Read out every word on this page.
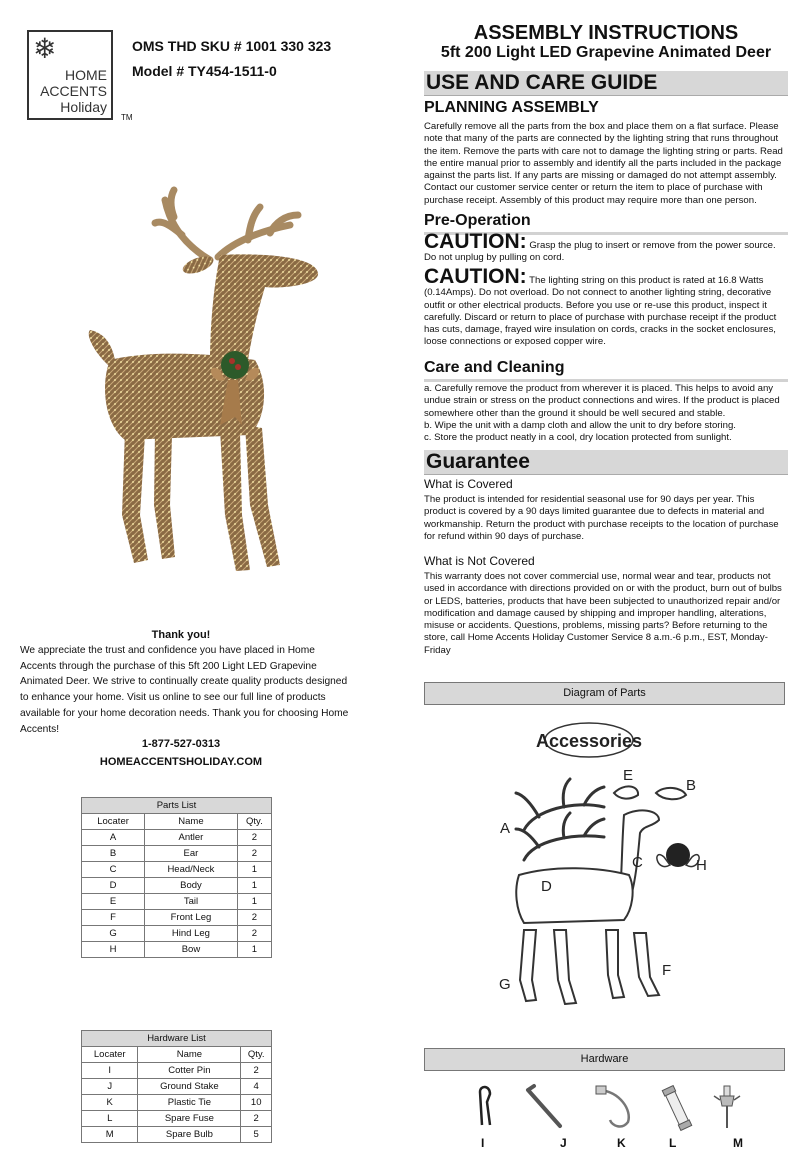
❄
HOME
ACCENTS
Holiday
TM
OMS THD SKU # 1001 330 323
Model # TY454-1511-0
ASSEMBLY INSTRUCTIONS
5ft 200 Light LED Grapevine Animated Deer
USE AND CARE GUIDE
PLANNING ASSEMBLY
Carefully remove all the parts from the box and place them on a flat surface. Please note that many of the parts are connected by the lighting string that runs throughout the item. Remove the parts with care not to damage the lighting string or parts. Read the entire manual prior to assembly and identify all the parts included in the package against the parts list. If any parts are missing or damaged do not attempt assembly. Contact our customer service center or return the item to place of purchase with purchase receipt. Assembly of this product may require more than one person.
Pre-Operation
CAUTION: Grasp the plug to insert or remove from the power source. Do not unplug by pulling on cord.
CAUTION: The lighting string on this product is rated at 16.8 Watts (0.14Amps). Do not overload. Do not connect to another lighting string, decorative outfit or other electrical products. Before you use or re-use this product, inspect it carefully. Discard or return to place of purchase with purchase receipt if the product has cuts, damage, frayed wire insulation on cords, cracks in the socket enclosures, loose connections or exposed copper wire.
Care and Cleaning
a. Carefully remove the product from wherever it is placed. This helps to avoid any undue strain or stress on the product connections and wires. If the product is placed somewhere other than the ground it should be well secured and stable.
b. Wipe the unit with a damp cloth and allow the unit to dry before storing.
c. Store the product neatly in a cool, dry location protected from sunlight.
Guarantee
What is Covered
The product is intended for residential seasonal use for 90 days per year. This product is covered by a 90 days limited guarantee due to defects in material and workmanship. Return the product with purchase receipts to the location of purchase for refund within 90 days of purchase.
What is Not Covered
This warranty does not cover commercial use, normal wear and tear, products not used in accordance with directions provided on or with the product, burn out of bulbs or LEDS, batteries, products that have been subjected to unauthorized repair and/or modification and damage caused by shipping and improper handling, alterations, misuse or accidents. Questions, problems, missing parts? Before returning to the store, call Home Accents Holiday Customer Service 8 a.m.-6 p.m., EST, Monday-Friday
Thank you!
We appreciate the trust and confidence you have placed in Home Accents through the purchase of this 5ft 200 Light LED Grapevine Animated Deer. We strive to continually create quality products designed to enhance your home. Visit us online to see our full line of products available for your home decoration needs. Thank you for choosing Home Accents!
1-877-527-0313
HOMEACCENTSHOLIDAY.COM
Parts List		
Locater	Name	Qty.
A	Antler	2
B	Ear	2
C	Head/Neck	1
D	Body	1
E	Tail	1
F	Front Leg	2
G	Hind Leg	2
H	Bow	1
Hardware List		
Locater	Name	Qty.
I	Cotter Pin	2
J	Ground Stake	4
K	Plastic Tie	10
L	Spare Fuse	2
M	Spare Bulb	5
Diagram of Parts
Accessories
A
B
C
D
E
F
G
H
Hardware
I	J	K	L	M
